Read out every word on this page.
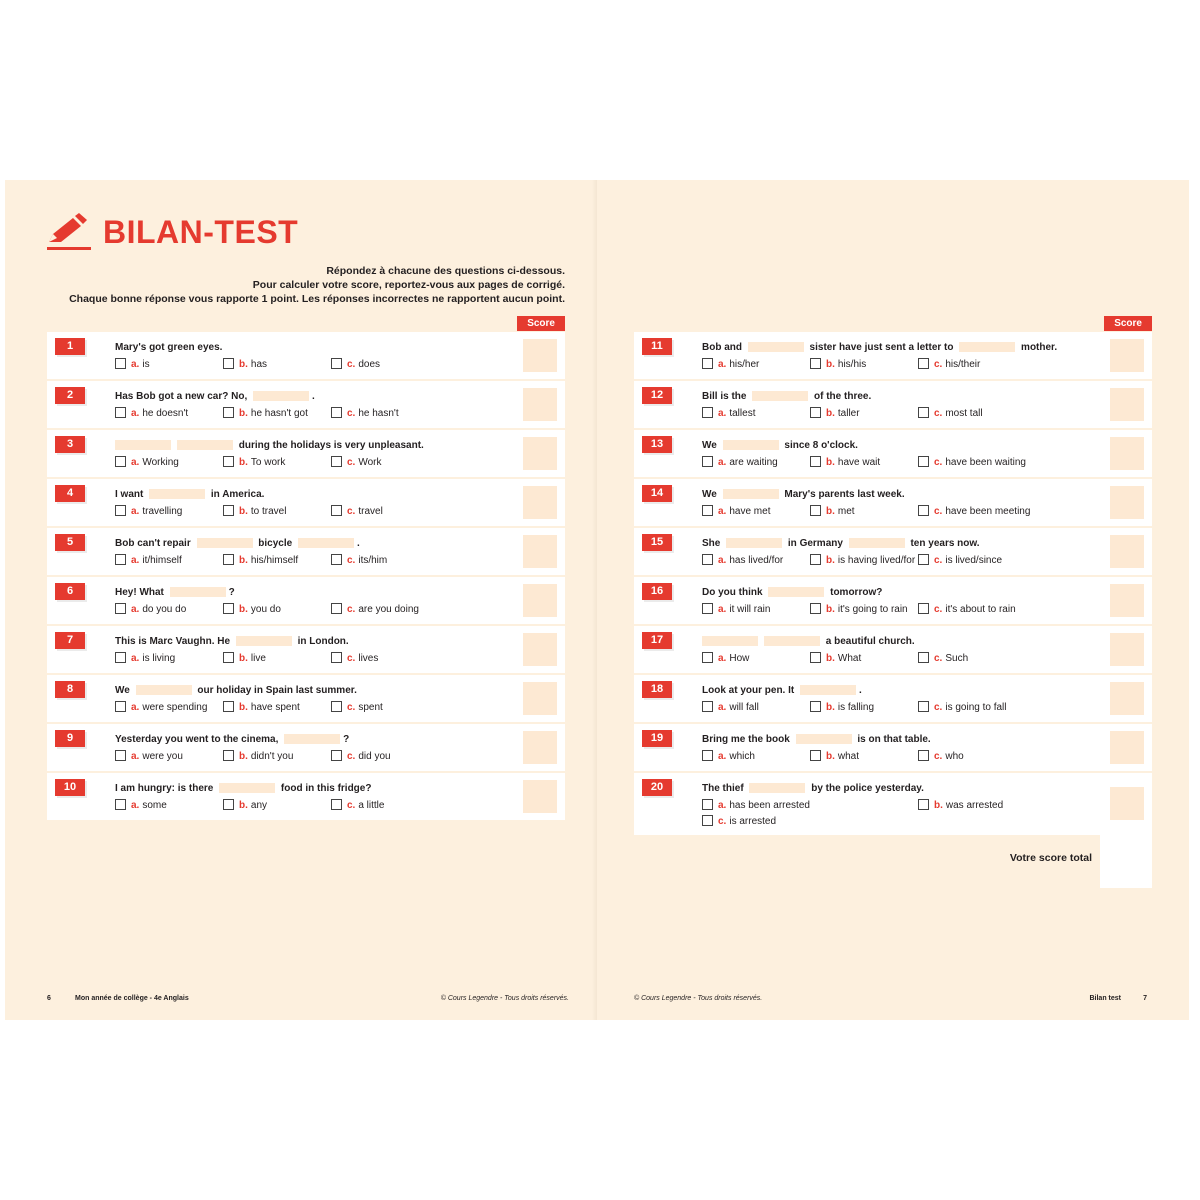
BILAN-TEST
Répondez à chacune des questions ci-dessous.
Pour calculer votre score, reportez-vous aux pages de corrigé.
Chaque bonne réponse vous rapporte 1 point. Les réponses incorrectes ne rapportent aucun point.
Score
1	Mary's got green eyes.
a. is	b. has	c. does
2	Has Bob got a new car? No,	.
a. he doesn't	b. he hasn't got	c. he hasn't
3	during the holidays is very unpleasant.
a. Working	b. To work	c. Work
4	I want	in America.
a. travelling	b. to travel	c. travel
5	Bob can't repair	bicycle	.
a. it/himself	b. his/himself	c. its/him
6	Hey! What	?
a. do you do	b. you do	c. are you doing
7	This is Marc Vaughn. He	in London.
a. is living	b. live	c. lives
8	We	our holiday in Spain last summer.
a. were spending	b. have spent	c. spent
9	Yesterday you went to the cinema,	?
a. were you	b. didn't you	c. did you
10	I am hungry: is there	food in this fridge?
a. some	b. any	c. a little
6	Mon année de collège - 4e Anglais	© Cours Legendre - Tous droits réservés.
Score
11	Bob and	sister have just sent a letter to	mother.
a. his/her	b. his/his	c. his/their
12	Bill is the	of the three.
a. tallest	b. taller	c. most tall
13	We	since 8 o'clock.
a. are waiting	b. have wait	c. have been waiting
14	We	Mary's parents last week.
a. have met	b. met	c. have been meeting
15	She	in Germany	ten years now.
a. has lived/for	b. is having lived/for	c. is lived/since
16	Do you think	tomorrow?
a. it will rain	b. it's going to rain	c. it's about to rain
17	a beautiful church.
a. How	b. What	c. Such
18	Look at your pen. It	.
a. will fall	b. is falling	c. is going to fall
19	Bring me the book	is on that table.
a. which	b. what	c. who
20	The thief	by the police yesterday.
a. has been arrested	b. was arrested
c. is arrested
Votre score total
© Cours Legendre - Tous droits réservés.	Bilan test	7
